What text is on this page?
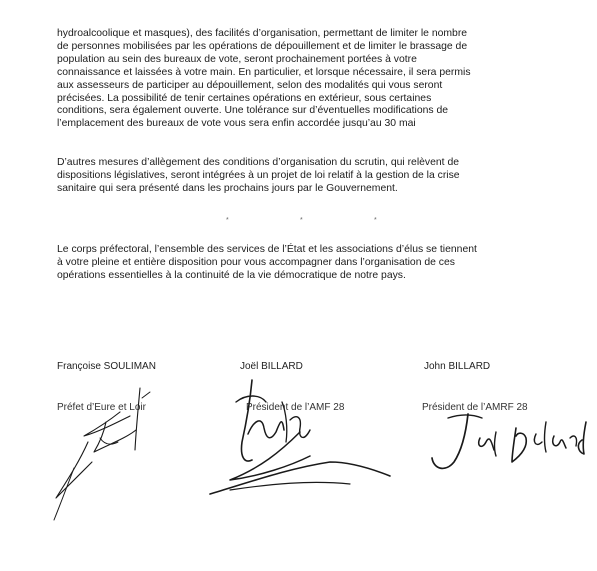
hydroalcoolique et masques), des facilités d’organisation, permettant de limiter le nombre
de personnes mobilisées par les opérations de dépouillement et de limiter le brassage de
population au sein des bureaux de vote, seront prochainement portées à votre
connaissance et laissées à votre main. En particulier, et lorsque nécessaire, il sera permis
aux assesseurs de participer au dépouillement, selon des modalités qui vous seront
précisées. La possibilité de tenir certaines opérations en extérieur, sous certaines
conditions, sera également ouverte. Une tolérance sur d’éventuelles modifications de
l’emplacement des bureaux de vote vous sera enfin accordée jusqu’au 30 mai

D’autres mesures d’allègement des conditions d’organisation du scrutin, qui relèvent de
dispositions législatives, seront intégrées à un projet de loi relatif à la gestion de la crise
sanitaire qui sera présenté dans les prochains jours par le Gouvernement.

*	*	*

Le corps préfectoral, l’ensemble des services de l’État et les associations d’élus se tiennent
à votre pleine et entière disposition pour vous accompagner dans l’organisation de ces
opérations essentielles à la continuité de la vie démocratique de notre pays.

Françoise SOULIMAN
Préfet d’Eure et Loir
Joël BILLARD
Président de l’AMF 28
John BILLARD
Président de l’AMRF 28
